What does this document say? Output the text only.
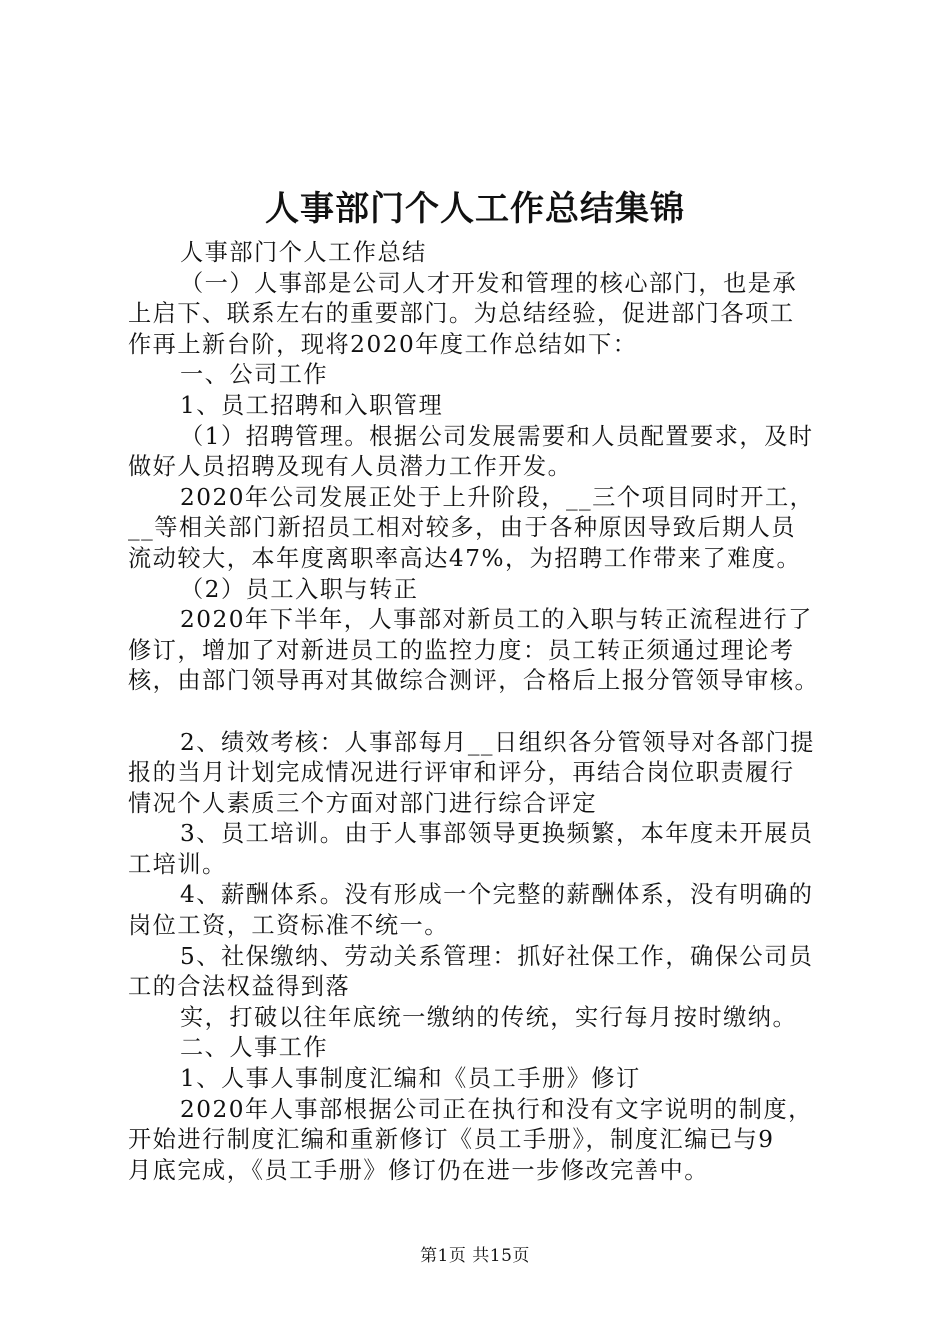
人事部门个人工作总结集锦
人事部门个人工作总结
（一）人事部是公司人才开发和管理的核心部门，也是承
上启下、联系左右的重要部门。为总结经验，促进部门各项工
作再上新台阶，现将2020年度工作总结如下：
一、公司工作
1、员工招聘和入职管理
（1）招聘管理。根据公司发展需要和人员配置要求，及时
做好人员招聘及现有人员潜力工作开发。
2020年公司发展正处于上升阶段，__三个项目同时开工，
__等相关部门新招员工相对较多，由于各种原因导致后期人员
流动较大，本年度离职率高达47%，为招聘工作带来了难度。
（2）员工入职与转正
2020年下半年，人事部对新员工的入职与转正流程进行了
修订，增加了对新进员工的监控力度：员工转正须通过理论考
核，由部门领导再对其做综合测评，合格后上报分管领导审核。
2、绩效考核：人事部每月__日组织各分管领导对各部门提
报的当月计划完成情况进行评审和评分，再结合岗位职责履行
情况个人素质三个方面对部门进行综合评定
3、员工培训。由于人事部领导更换频繁，本年度未开展员
工培训。
4、薪酬体系。没有形成一个完整的薪酬体系，没有明确的
岗位工资，工资标准不统一。
5、社保缴纳、劳动关系管理：抓好社保工作，确保公司员
工的合法权益得到落
实，打破以往年底统一缴纳的传统，实行每月按时缴纳。
二、人事工作
1、人事人事制度汇编和《员工手册》修订
2020年人事部根据公司正在执行和没有文字说明的制度，
开始进行制度汇编和重新修订《员工手册》，制度汇编已与9
月底完成，《员工手册》修订仍在进一步修改完善中。
第1页 共15页
